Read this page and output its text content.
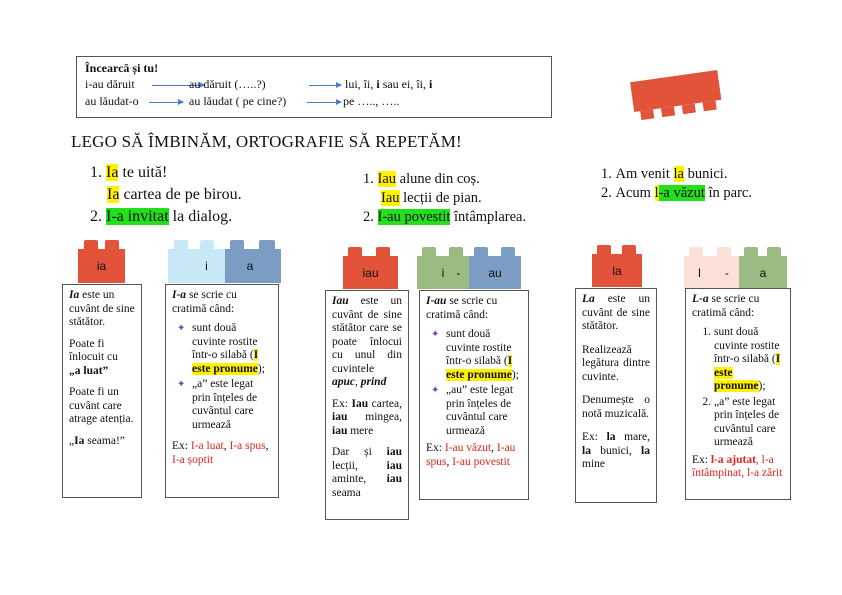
Încearcă și tu!
i-au dăruit	au dăruit (…..?)	lui, îi, i sau ei, îi, i
au lăudat-o	au lăudat ( pe cine?)	pe ….., …..
LEGO SĂ ÎMBINĂM, ORTOGRAFIE SĂ REPETĂM!
1. Ia te uită!
Ia cartea de pe birou.
2. I-a invitat la dialog.
1. Iau alune din coș.
Iau lecții de pian.
2. I-au povestit întâmplarea.
1. Am venit la bunici.
2. Acum l-a văzut în parc.
ia	i	a	iau	i - au	la	l -	a

Ia este un cuvânt de sine stătător.

Poate fi înlocuit cu
„a luat”

Poate fi un cuvânt care atrage atenția.

„Ia seama!”

I-a se scrie cu cratimă când:

✦ sunt două cuvinte rostite într-o silabă (I este pronume);
✦ „a” este legat prin înțeles de cuvântul care urmează

Ex: I-a luat, I-a spus, I-a șoptit

Iau este un cuvânt de sine stătător care se poate înlocui cu unul din cuvintele
apuc, prind

Ex: Iau cartea, iau mingea, iau mere

Dar și iau lecții, iau aminte, iau seama

I-au se scrie cu cratimă când:

✦ sunt două cuvinte rostite într-o silabă (I este pronume);
✦ „au” este legat prin înțeles de cuvântul care urmează

Ex: I-au văzut, I-au spus, I-au povestit

La este un cuvânt de sine stătător.

Realizează legătura dintre cuvinte.

Denumește o notă muzicală.

Ex: la mare, la bunici, la mine

L-a se scrie cu cratimă când:

1. sunt două cuvinte rostite într-o silabă (I este pronume);
2. „a” este legat prin înțeles de cuvântul care urmează

Ex: l-a ajutat, l-a întâmpinat, l-a zărit
